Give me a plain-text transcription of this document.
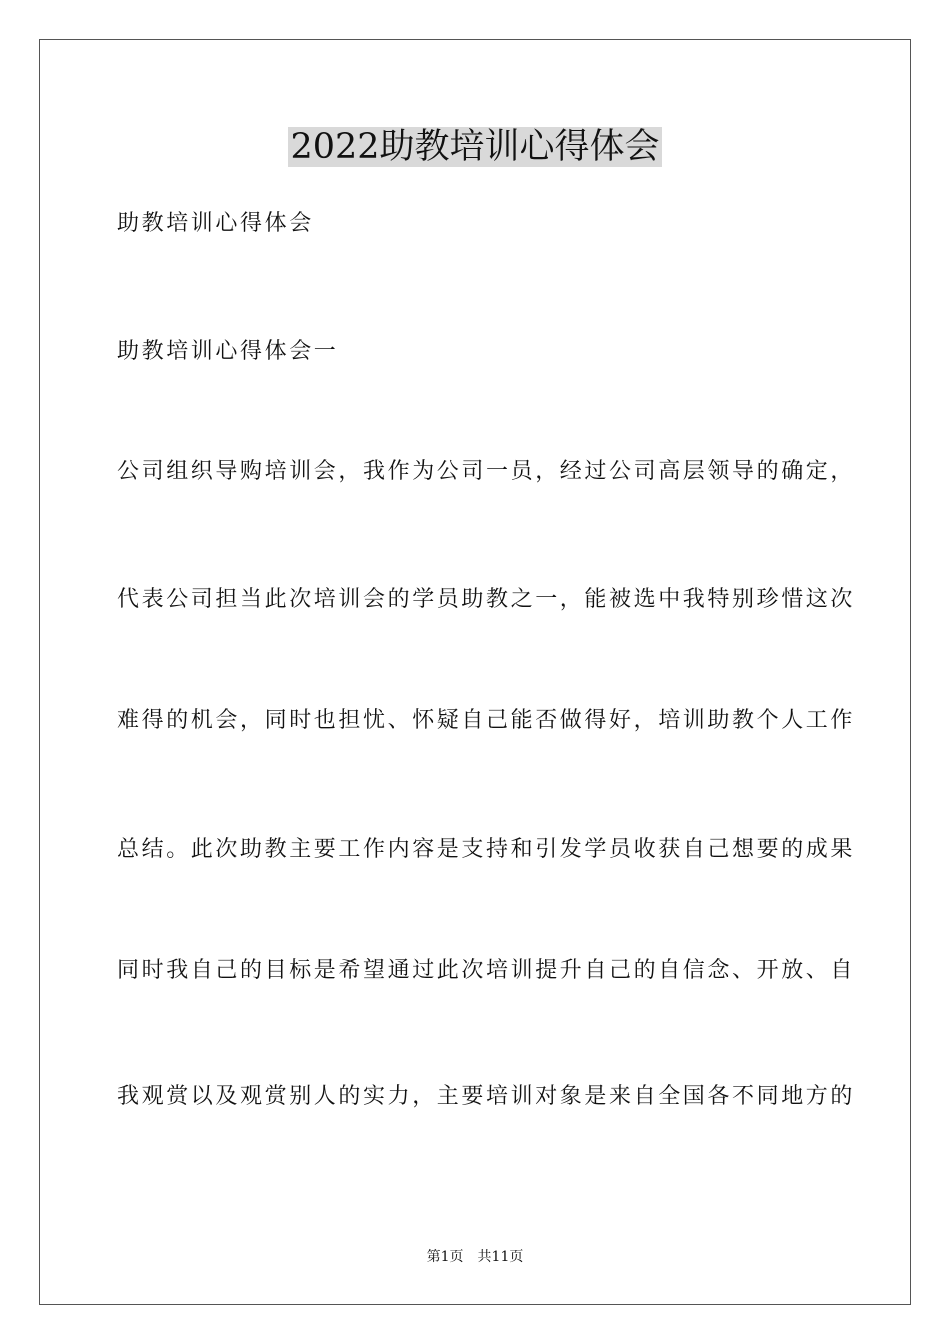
2022助教培训心得体会
助教培训心得体会
助教培训心得体会一
公司组织导购培训会，我作为公司一员，经过公司高层领导的确定，
代表公司担当此次培训会的学员助教之一，能被选中我特别珍惜这次
难得的机会，同时也担忧、怀疑自己能否做得好，培训助教个人工作
总结。此次助教主要工作内容是支持和引发学员收获自己想要的成果
同时我自己的目标是希望通过此次培训提升自己的自信念、开放、自
我观赏以及观赏别人的实力，主要培训对象是来自全国各不同地方的
第1页　共11页
